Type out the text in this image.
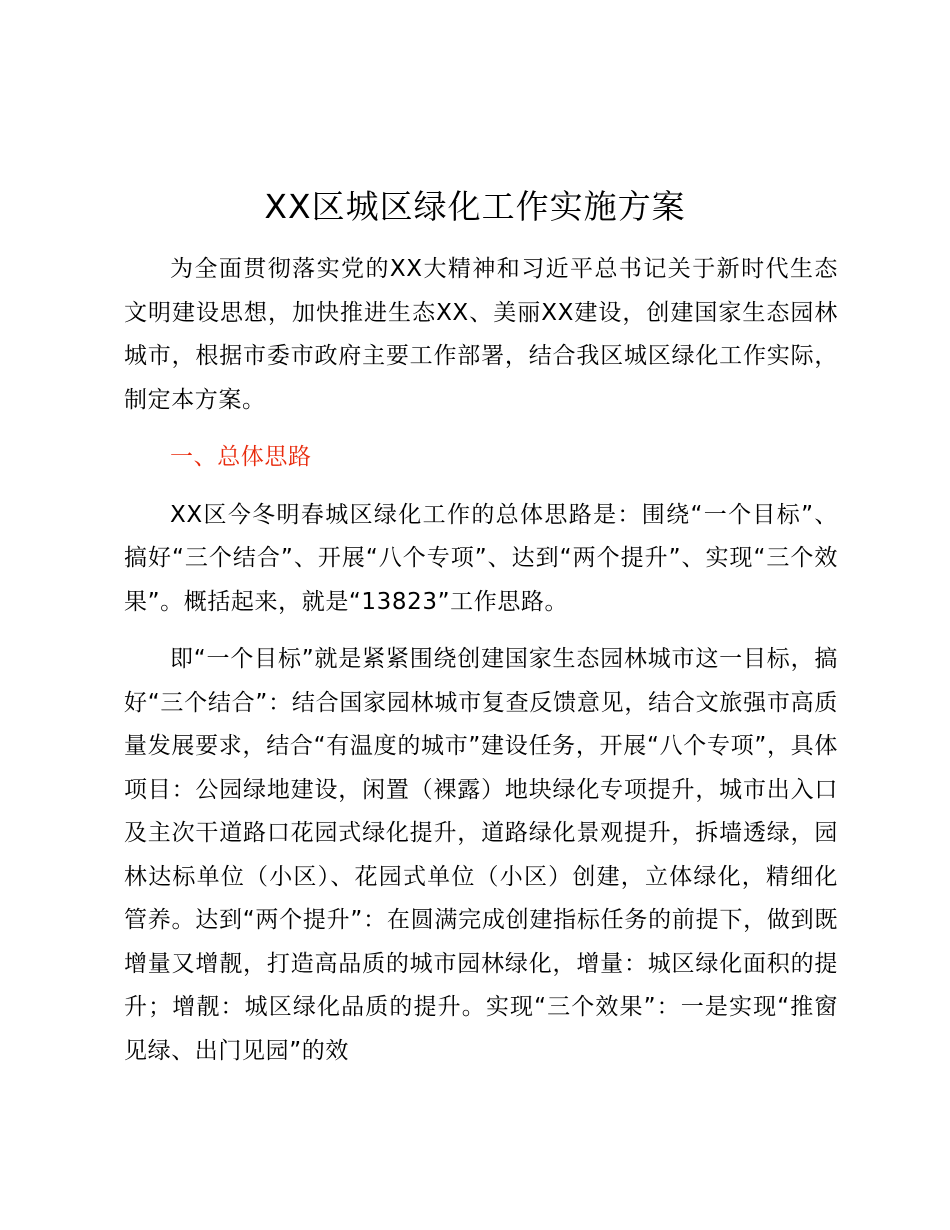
XX区城区绿化工作实施方案

为全面贯彻落实党的XX大精神和习近平总书记关于新时代生态文明建设思想，加快推进生态XX、美丽XX建设，创建国家生态园林城市，根据市委市政府主要工作部署，结合我区城区绿化工作实际，制定本方案。

一、总体思路

XX区今冬明春城区绿化工作的总体思路是：围绕“一个目标”、搞好“三个结合”、开展“八个专项”、达到“两个提升”、实现“三个效果”。概括起来，就是“13823”工作思路。

即“一个目标”就是紧紧围绕创建国家生态园林城市这一目标，搞好“三个结合”：结合国家园林城市复查反馈意见，结合文旅强市高质量发展要求，结合“有温度的城市”建设任务，开展“八个专项”，具体项目：公园绿地建设，闲置（裸露）地块绿化专项提升，城市出入口及主次干道路口花园式绿化提升，道路绿化景观提升，拆墙透绿，园林达标单位（小区）、花园式单位（小区）创建，立体绿化，精细化管养。达到“两个提升”：在圆满完成创建指标任务的前提下，做到既增量又增靓，打造高品质的城市园林绿化，增量：城区绿化面积的提升；增靓：城区绿化品质的提升。实现“三个效果”：一是实现“推窗见绿、出门见园”的效
